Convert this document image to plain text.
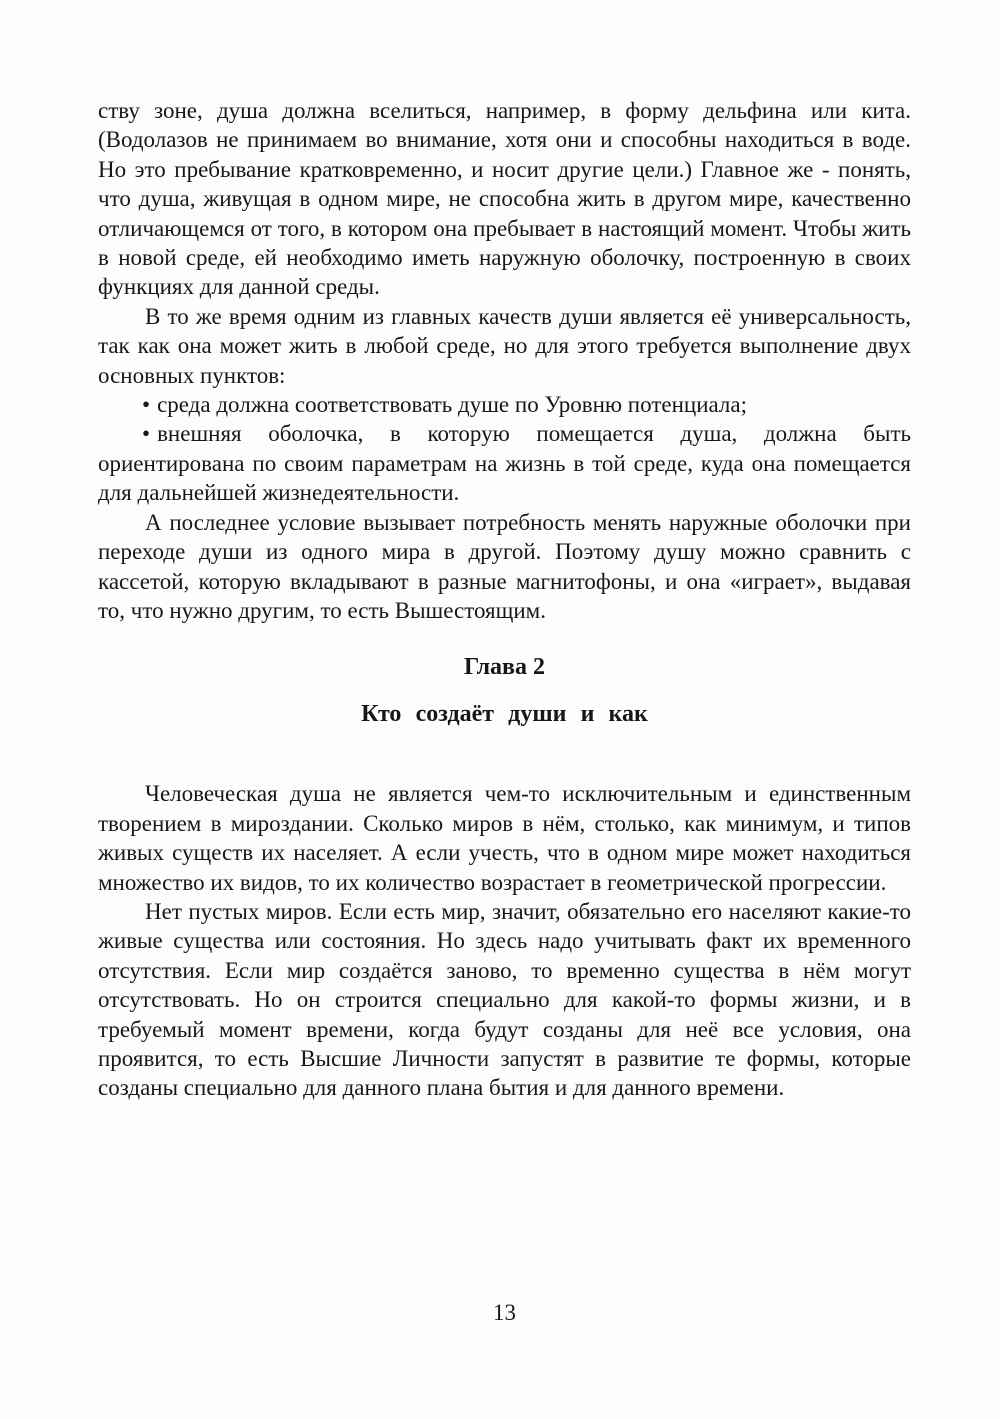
ству зоне, душа должна вселиться, например, в форму дельфина или кита. (Водолазов не принимаем во внимание, хотя они и способны находиться в воде. Но это пребывание кратковременно, и носит другие цели.) Главное же - понять, что душа, живущая в одном мире, не способна жить в другом мире, качественно отличающемся от того, в котором она пребывает в настоящий момент. Чтобы жить в новой среде, ей необходимо иметь наружную оболочку, построенную в своих функциях для данной среды.

В то же время одним из главных качеств души является её универсальность, так как она может жить в любой среде, но для этого требуется выполнение двух основных пунктов:

• среда должна соответствовать душе по Уровню потенциала;
• внешняя оболочка, в которую помещается душа, должна быть ориентирована по своим параметрам на жизнь в той среде, куда она помещается для дальнейшей жизнедеятельности.

А последнее условие вызывает потребность менять наружные оболочки при переходе души из одного мира в другой. Поэтому душу можно сравнить с кассетой, которую вкладывают в разные магнитофоны, и она «играет», выдавая то, что нужно другим, то есть Вышестоящим.

Глава 2
Кто создаёт души и как

Человеческая душа не является чем-то исключительным и единственным творением в мироздании. Сколько миров в нём, столько, как минимум, и типов живых существ их населяет. А если учесть, что в одном мире может находиться множество их видов, то их количество возрастает в геометрической прогрессии.

Нет пустых миров. Если есть мир, значит, обязательно его населяют какие-то живые существа или состояния. Но здесь надо учитывать факт их временного отсутствия. Если мир создаётся заново, то временно существа в нём могут отсутствовать. Но он строится специально для какой-то формы жизни, и в требуемый момент времени, когда будут созданы для неё все условия, она проявится, то есть Высшие Личности запустят в развитие те формы, которые созданы специально для данного плана бытия и для данного времени.

13
